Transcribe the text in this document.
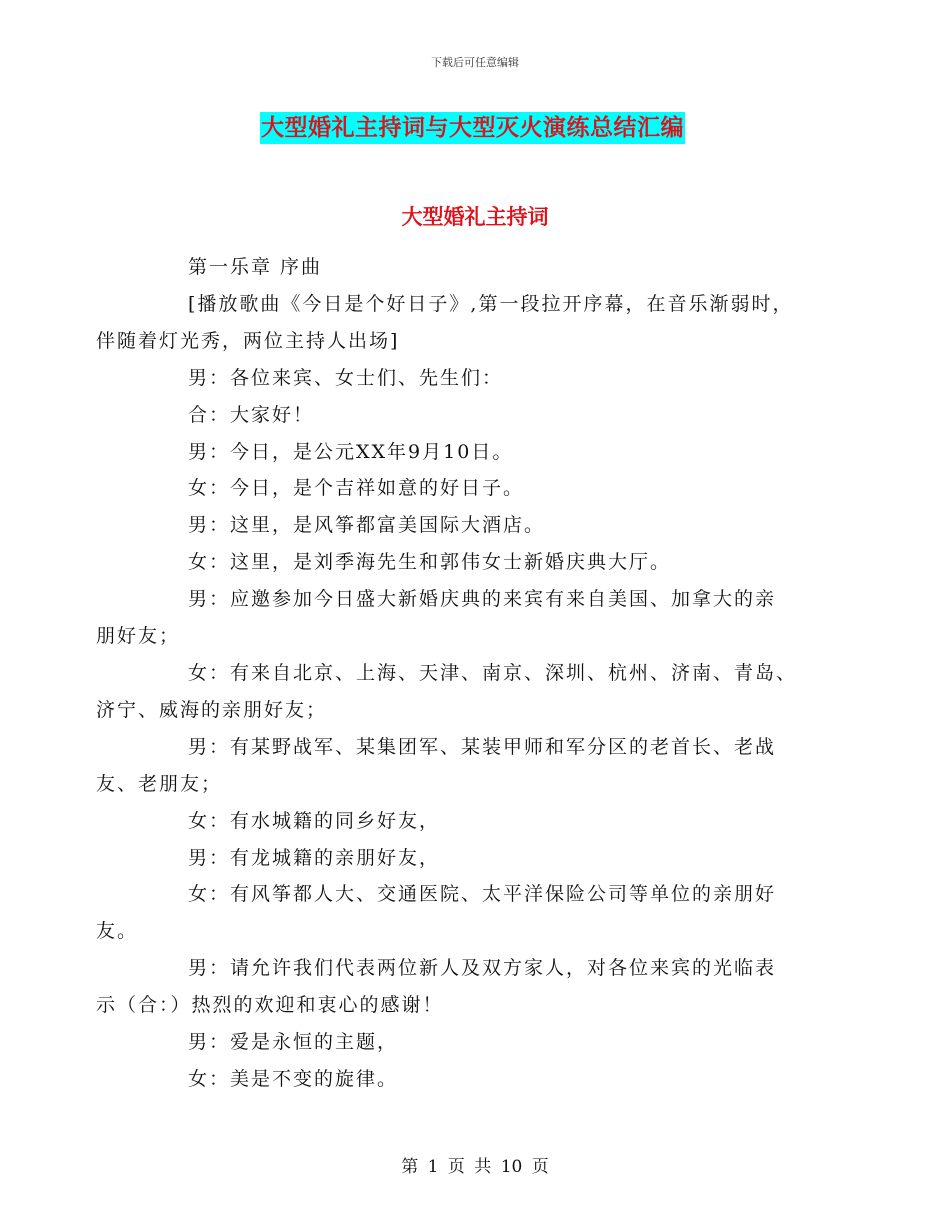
下载后可任意编辑
大型婚礼主持词与大型灭火演练总结汇编
大型婚礼主持词

第一乐章 序曲

[播放歌曲《今日是个好日子》,第一段拉开序幕，在音乐渐弱时，
伴随着灯光秀，两位主持人出场]

男：各位来宾、女士们、先生们：

合：大家好！

男：今日，是公元XX年9月10日。

女：今日，是个吉祥如意的好日子。

男：这里，是风筝都富美国际大酒店。

女：这里，是刘季海先生和郭伟女士新婚庆典大厅。

男：应邀参加今日盛大新婚庆典的来宾有来自美国、加拿大的亲
朋好友；

女：有来自北京、上海、天津、南京、深圳、杭州、济南、青岛、
济宁、威海的亲朋好友；

男：有某野战军、某集团军、某装甲师和军分区的老首长、老战
友、老朋友；

女：有水城籍的同乡好友，

男：有龙城籍的亲朋好友，

女：有风筝都人大、交通医院、太平洋保险公司等单位的亲朋好
友。

男：请允许我们代表两位新人及双方家人，对各位来宾的光临表
示（合：）热烈的欢迎和衷心的感谢！

男：爱是永恒的主题，

女：美是不变的旋律。

第 1 页 共 10 页
